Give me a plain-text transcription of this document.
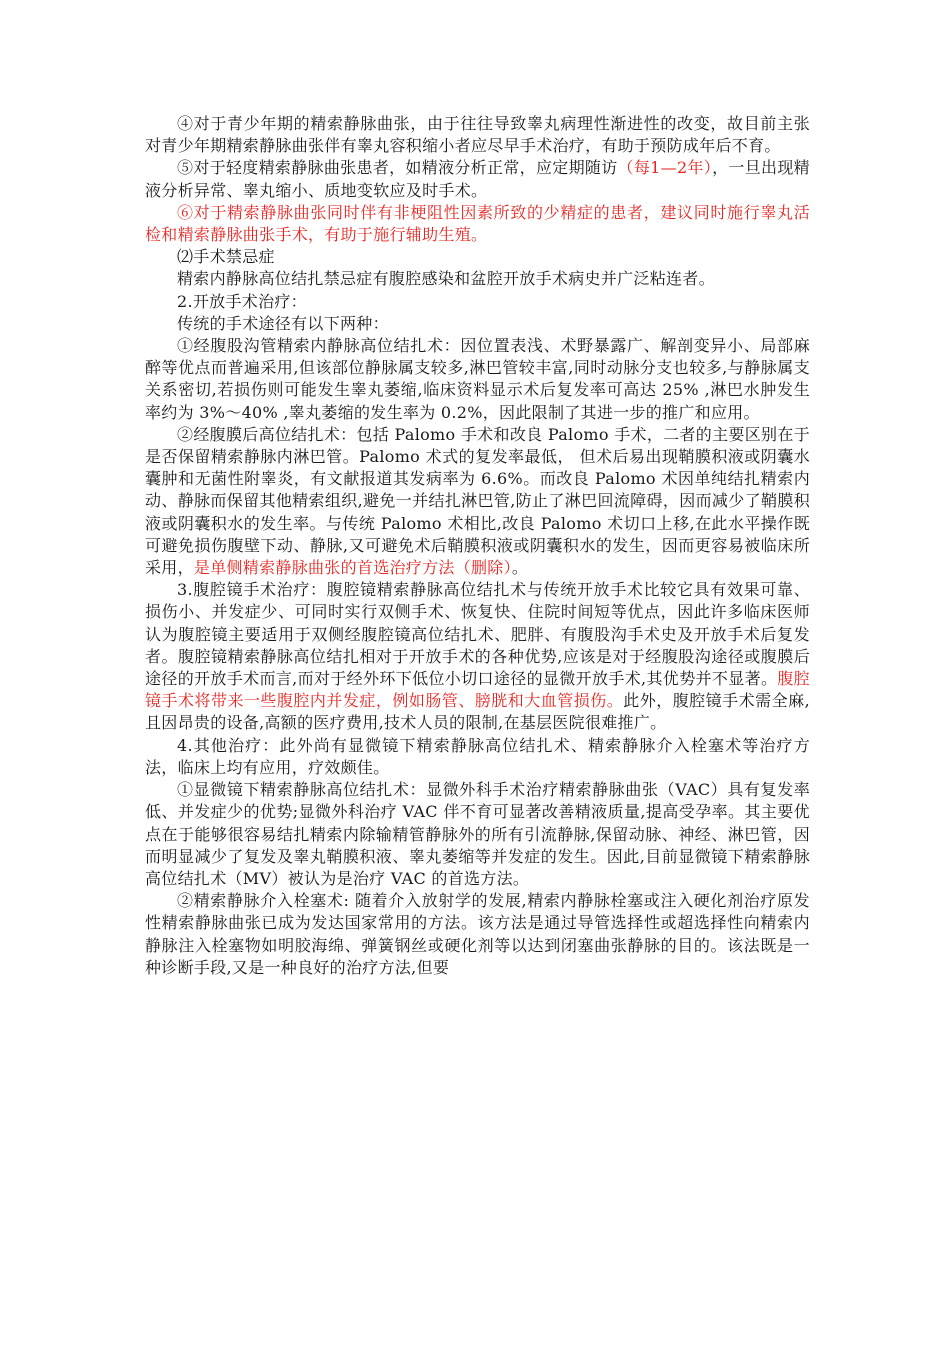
④对于青少年期的精索静脉曲张，由于往往导致睾丸病理性渐进性的改变，故目前主张对青少年期精索静脉曲张伴有睾丸容积缩小者应尽早手术治疗，有助于预防成年后不育。

⑤对于轻度精索静脉曲张患者，如精液分析正常，应定期随访（每1—2年），一旦出现精液分析异常、睾丸缩小、质地变软应及时手术。

⑥对于精索静脉曲张同时伴有非梗阻性因素所致的少精症的患者，建议同时施行睾丸活检和精索静脉曲张手术，有助于施行辅助生殖。

⑵手术禁忌症

精索内静脉高位结扎禁忌症有腹腔感染和盆腔开放手术病史并广泛粘连者。

2.开放手术治疗：

传统的手术途径有以下两种：

①经腹股沟管精索内静脉高位结扎术：因位置表浅、术野暴露广、解剖变异小、局部麻醉等优点而普遍采用,但该部位静脉属支较多,淋巴管较丰富,同时动脉分支也较多,与静脉属支关系密切,若损伤则可能发生睾丸萎缩,临床资料显示术后复发率可高达 25% ,淋巴水肿发生率约为 3%～40% ,睾丸萎缩的发生率为 0.2%，因此限制了其进一步的推广和应用。

②经腹膜后高位结扎术：包括 Palomo 手术和改良 Palomo 手术，二者的主要区别在于是否保留精索静脉内淋巴管。Palomo 术式的复发率最低， 但术后易出现鞘膜积液或阴囊水囊肿和无菌性附睾炎，有文献报道其发病率为 6.6%。而改良 Palomo 术因单纯结扎精索内动、静脉而保留其他精索组织,避免一并结扎淋巴管,防止了淋巴回流障碍，因而减少了鞘膜积液或阴囊积水的发生率。与传统 Palomo 术相比,改良 Palomo 术切口上移,在此水平操作既可避免损伤腹壁下动、静脉,又可避免术后鞘膜积液或阴囊积水的发生，因而更容易被临床所采用，是单侧精索静脉曲张的首选治疗方法（删除）。

3.腹腔镜手术治疗：腹腔镜精索静脉高位结扎术与传统开放手术比较它具有效果可靠、损伤小、并发症少、可同时实行双侧手术、恢复快、住院时间短等优点，因此许多临床医师认为腹腔镜主要适用于双侧经腹腔镜高位结扎术、肥胖、有腹股沟手术史及开放手术后复发者。腹腔镜精索静脉高位结扎相对于开放手术的各种优势,应该是对于经腹股沟途径或腹膜后途径的开放手术而言,而对于经外环下低位小切口途径的显微开放手术,其优势并不显著。腹腔镜手术将带来一些腹腔内并发症，例如肠管、膀胱和大血管损伤。此外，腹腔镜手术需全麻,且因昂贵的设备,高额的医疗费用,技术人员的限制,在基层医院很难推广。

4.其他治疗：此外尚有显微镜下精索静脉高位结扎术、精索静脉介入栓塞术等治疗方法，临床上均有应用，疗效颇佳。

①显微镜下精索静脉高位结扎术：显微外科手术治疗精索静脉曲张（VAC）具有复发率低、并发症少的优势;显微外科治疗 VAC 伴不育可显著改善精液质量,提高受孕率。其主要优点在于能够很容易结扎精索内除输精管静脉外的所有引流静脉,保留动脉、神经、淋巴管，因而明显减少了复发及睾丸鞘膜积液、睾丸萎缩等并发症的发生。因此,目前显微镜下精索静脉高位结扎术（MV）被认为是治疗 VAC 的首选方法。

②精索静脉介入栓塞术: 随着介入放射学的发展,精索内静脉栓塞或注入硬化剂治疗原发性精索静脉曲张已成为发达国家常用的方法。该方法是通过导管选择性或超选择性向精索内静脉注入栓塞物如明胶海绵、弹簧钢丝或硬化剂等以达到闭塞曲张静脉的目的。该法既是一种诊断手段,又是一种良好的治疗方法,但要
